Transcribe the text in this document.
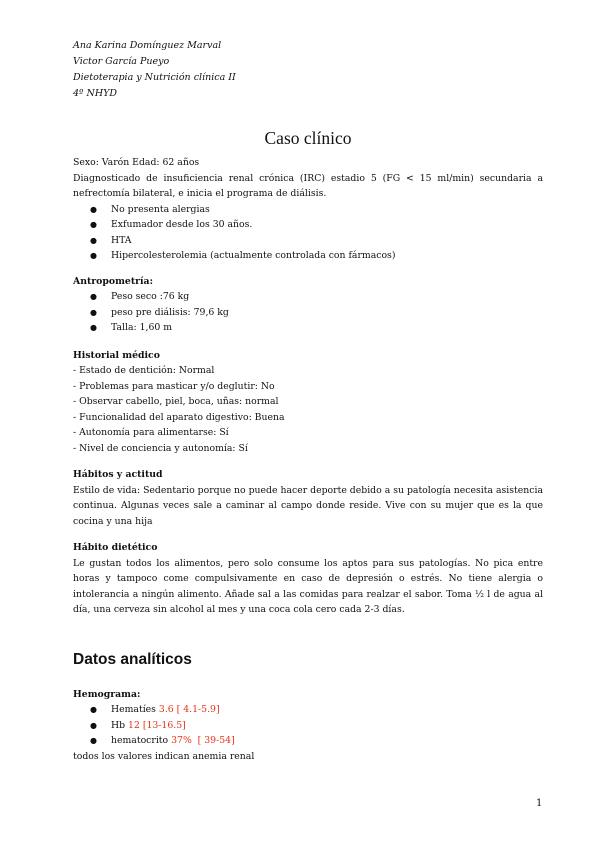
Ana Karina Domínguez Marval
Victor García Pueyo
Dietoterapia y Nutrición clínica II
4º NHYD
Caso clínico
Sexo: Varón Edad: 62 años
Diagnosticado de insuficiencia renal crónica (IRC) estadio 5 (FG < 15 ml/min) secundaria a nefrectomía bilateral, e inicia el programa de diálisis.
● No presenta alergias
● Exfumador desde los 30 años.
● HTA
● Hipercolesterolemia (actualmente controlada con fármacos)
Antropometría:
● Peso seco :76 kg
● peso pre diálisis: 79,6 kg
● Talla: 1,60 m
Historial médico
- Estado de dentición: Normal
- Problemas para masticar y/o deglutir: No
- Observar cabello, piel, boca, uñas: normal
- Funcionalidad del aparato digestivo: Buena
- Autonomía para alimentarse: Sí
- Nivel de conciencia y autonomía: Sí
Hábitos y actitud
Estilo de vida: Sedentario porque no puede hacer deporte debido a su patología necesita asistencia continua. Algunas veces sale a caminar al campo donde reside. Vive con su mujer que es la que cocina y una hija
Hábito dietético
Le gustan todos los alimentos, pero solo consume los aptos para sus patologías. No pica entre horas y tampoco come compulsivamente en caso de depresión o estrés. No tiene alergia o intolerancia a ningún alimento. Añade sal a las comidas para realzar el sabor. Toma ½ l de agua al día, una cerveza sin alcohol al mes y una coca cola cero cada 2-3 días.
Datos analíticos
Hemograma:
● Hematíes 3.6 [ 4.1-5.9]
● Hb 12 [13-16.5]
● hematocrito 37%  [ 39-54]
todos los valores indican anemia renal
1
